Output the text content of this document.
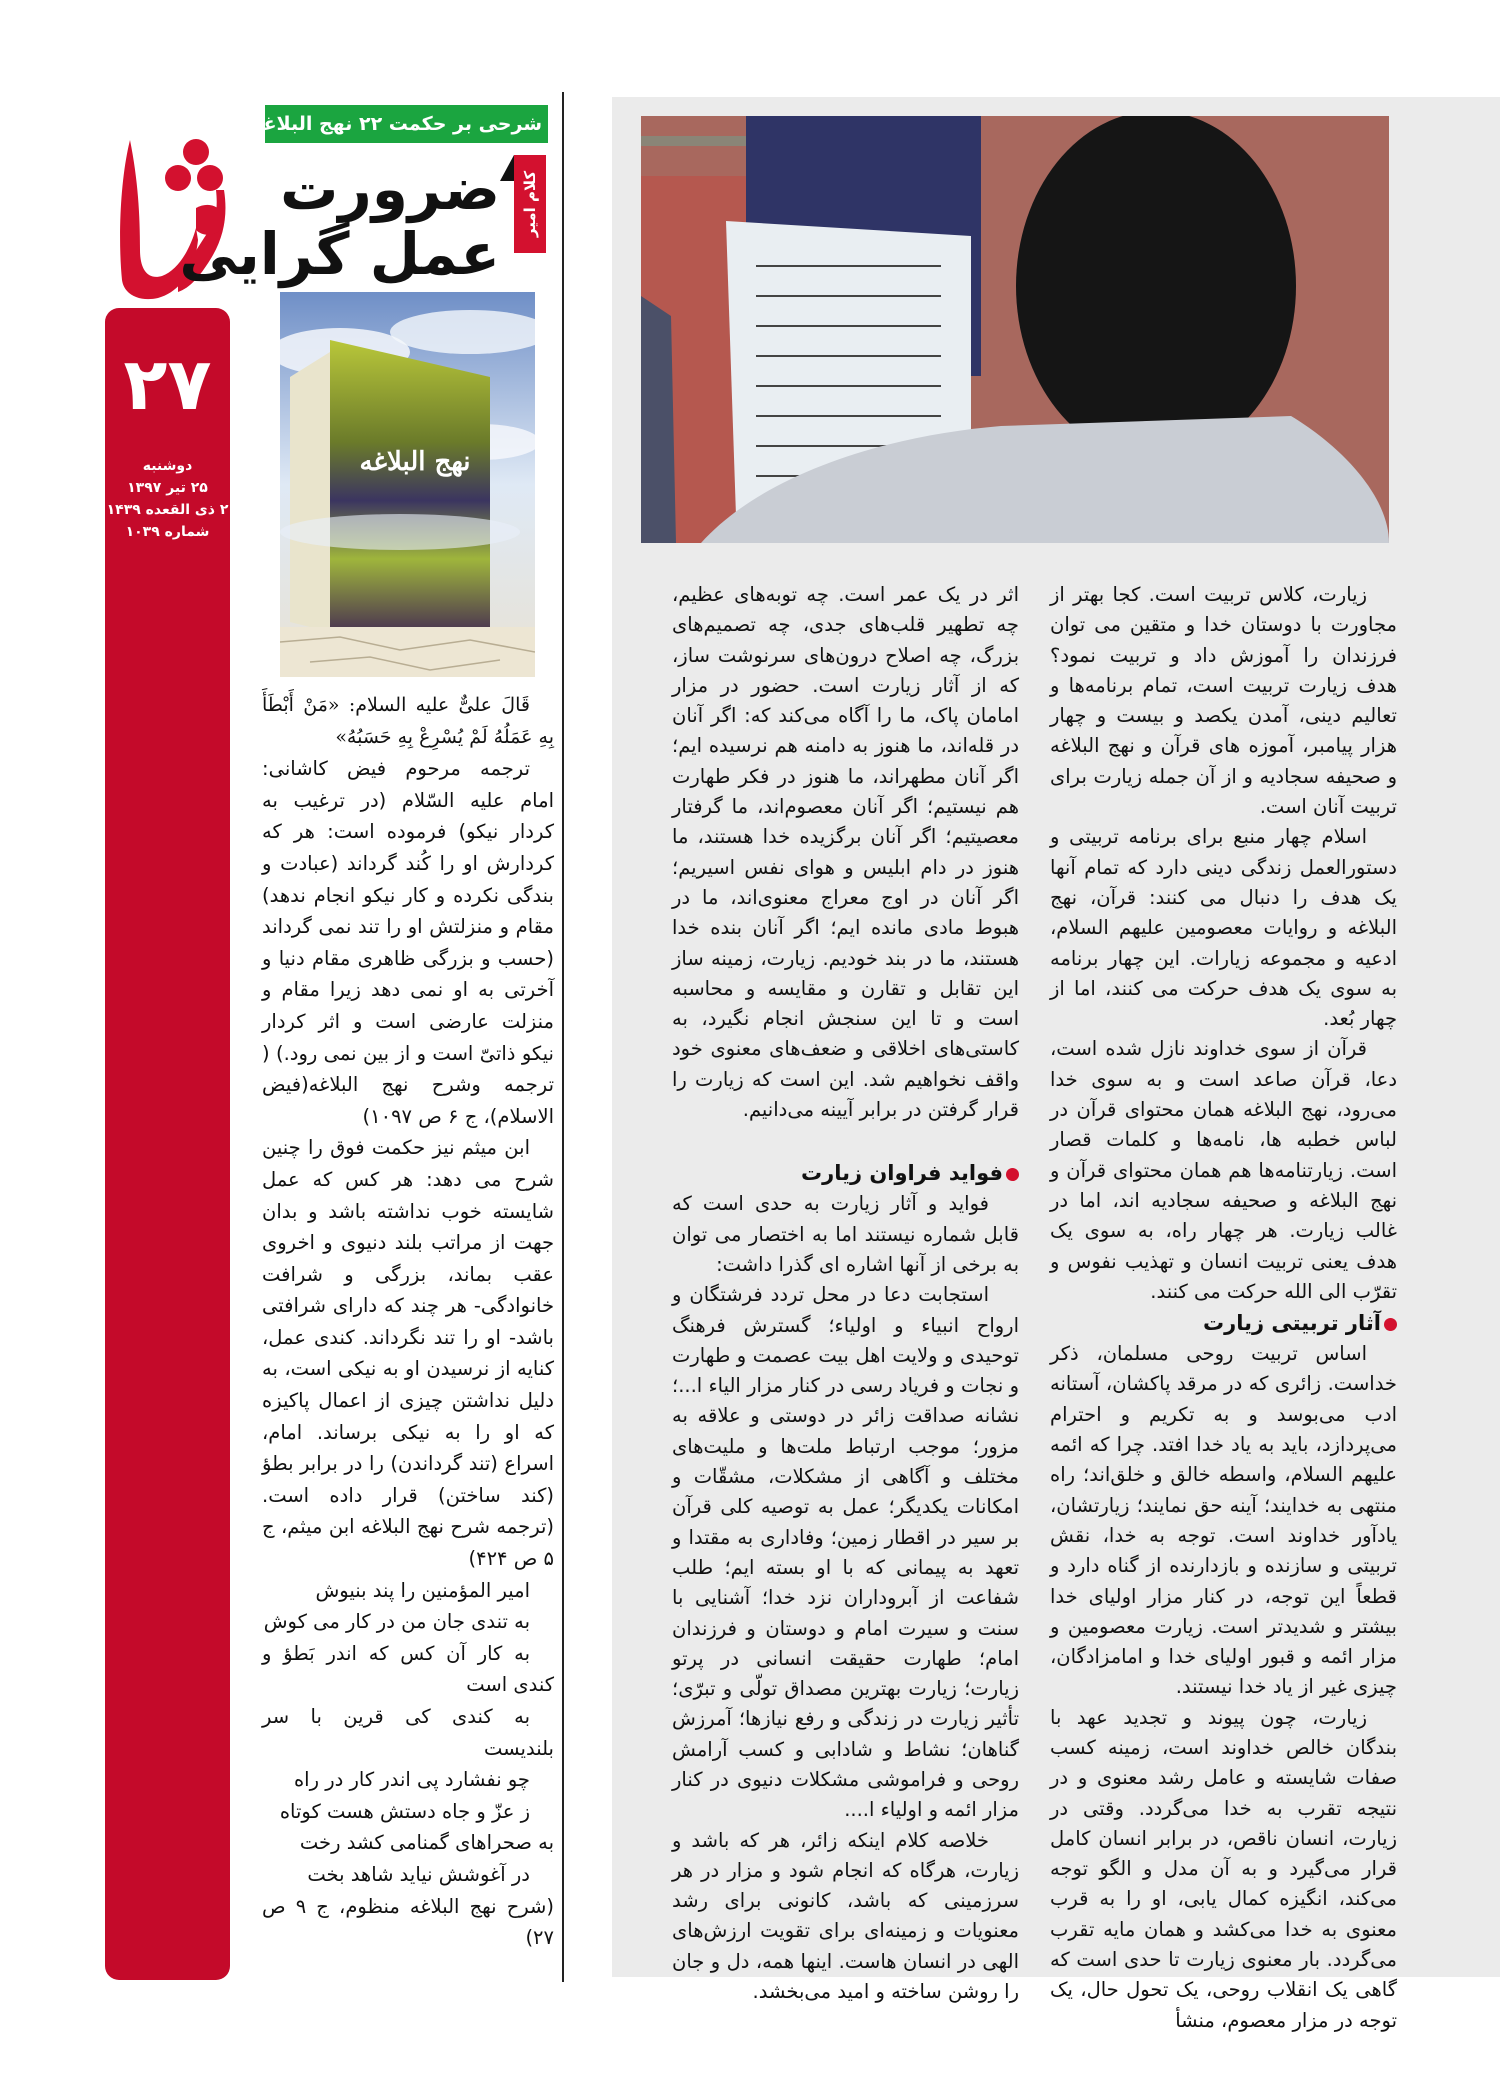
۲۷
دوشنبه
۲۵ تیر ۱۳۹۷
۲ ذی القعده ۱۴۳۹
شماره ۱۰۳۹
شرحی بر حکمت ۲۲ نهج البلاغه
کلام امیر
ضرورت
عمل گرایی
نهج البلاغه

قَالَ علیٌّ علیه السلام: «مَنْ أَبْطَأَ بِهِ عَمَلُهُ لَمْ يُسْرِعْ بِهِ حَسَبُهُ»

ترجمه مرحوم فیض کاشانی: امام علیه السّلام (در ترغیب به کردار نیکو) فرموده است: هر که کردارش او را کُند گرداند (عبادت و بندگی نکرده و کار نیکو انجام ندهد) مقام و منزلتش او را تند نمی گرداند (حسب و بزرگی ظاهری مقام دنیا و آخرتی به او نمی دهد زیرا مقام و منزلت عارضی است و اثر کردار نیکو ذاتیّ است و از بین نمی رود.) ( ترجمه وشرح نهج البلاغه(فیض الاسلام)، ج ۶ ص ۱۰۹۷)

ابن میثم نیز حکمت فوق را چنین شرح می دهد: هر کس که عمل شایسته خوب نداشته باشد و بدان جهت از مراتب بلند دنیوی و اخروی عقب بماند، بزرگی و شرافت خانوادگی- هر چند که دارای شرافتی باشد- او را تند نگرداند. کندی عمل، کنایه از نرسیدن او به نیکی است، به دلیل نداشتن چیزی از اعمال پاکیزه که او را به نیکی برساند. امام، اسراع (تند گرداندن) را در برابر بطؤ (کند ساختن) قرار داده است. (ترجمه شرح نهج البلاغه ابن میثم، ج ۵ ص ۴۲۴)

امیر المؤمنین را پند بنیوش

به تندی جان من در کار می کوش

به کار آن کس که اندر بَطؤ و کندی است

به کندی کی قرین با سر بلندیست

چو نفشارد پی اندر کار در راه

ز عزّ و جاه دستش هست کوتاه

به صحراهای گمنامی کشد رخت

در آغوشش نیاید شاهد بخت

(شرح نهج البلاغه منظوم، ج ۹ ص ۲۷)

اثر در یک عمر است. چه توبه‌های عظیم، چه تطهیر قلب‌های جدی، چه تصمیم‌های بزرگ، چه اصلاح درون‌های سرنوشت ساز، که از آثار زیارت است. حضور در مزار امامان پاک، ما را آگاه می‌کند که: اگر آنان در قله‌اند، ما هنوز به دامنه هم نرسیده ایم؛ اگر آنان مطهراند، ما هنوز در فکر طهارت هم نیستیم؛ اگر آنان معصوم‌اند، ما گرفتار معصیتیم؛ اگر آنان برگزیده خدا هستند، ما هنوز در دام ابلیس و هوای نفس اسیریم؛ اگر آنان در اوج معراج معنوی‌اند، ما در هبوط مادی مانده ایم؛ اگر آنان بنده خدا هستند، ما در بند خودیم. زیارت، زمینه ساز این تقابل و تقارن و مقایسه و محاسبه است و تا این سنجش انجام نگیرد، به کاستی‌های اخلاقی و ضعف‌های معنوی خود واقف نخواهیم شد. این است که زیارت را قرار گرفتن در برابر آیینه می‌دانیم.

فواید فراوان زیارت

فواید و آثار زیارت به حدی است که قابل شماره نیستند اما به اختصار می توان به برخی از آنها اشاره ای گذرا داشت:

استجابت دعا در محل تردد فرشتگان و ارواح انبیاء و اولیاء؛ گسترش فرهنگ توحیدی و ولایت اهل بیت عصمت و طهارت و نجات و فریاد رسی در کنار مزار الیاء ا...؛ نشانه صداقت زائر در دوستی و علاقه به مزور؛ موجب ارتباط ملت‌ها و ملیت‌های مختلف و آگاهی از مشکلات، مشقّات و امکانات یکدیگر؛ عمل به توصیه کلی قرآن بر سیر در اقطار زمین؛ وفاداری به مقتدا و تعهد به پیمانی که با او بسته ایم؛ طلب شفاعت از آبروداران نزد خدا؛ آشنایی با سنت و سیرت امام و دوستان و فرزندان امام؛ طهارت حقیقت انسانی در پرتو زیارت؛ زیارت بهترین مصداق تولّی و تبرّی؛ تأثیر زیارت در زندگی و رفع نیازها؛ آمرزش گناهان؛ نشاط و شادابی و کسب آرامش روحی و فراموشی مشکلات دنیوی در کنار مزار ائمه و اولیاء ا....

خلاصه کلام اینکه زائر، هر که باشد و زیارت، هرگاه که انجام شود و مزار در هر سرزمینی که باشد، کانونی برای رشد معنویات و زمینه‌ای برای تقویت ارزش‌های الهی در انسان هاست. اینها همه، دل و جان را روشن ساخته و امید می‌بخشد.

زیارت، کلاس تربیت است. کجا بهتر از مجاورت با دوستان خدا و متقین می توان فرزندان را آموزش داد و تربیت نمود؟ هدف زیارت تربیت است، تمام برنامه‌ها و تعالیم دینی، آمدن یکصد و بیست و چهار هزار پیامبر، آموزه های قرآن و نهج البلاغه و صحیفه سجادیه و از آن جمله زیارت برای تربیت آنان است.

اسلام چهار منبع برای برنامه تربیتی و دستورالعمل زندگی دینی دارد که تمام آنها یک هدف را دنبال می کنند: قرآن، نهج البلاغه و روایات معصومین علیهم السلام، ادعیه و مجموعه زیارات. این چهار برنامه به سوی یک هدف حرکت می کنند، اما از چهار بُعد.

قرآن از سوی خداوند نازل شده است، دعا، قرآن صاعد است و به سوی خدا می‌رود، نهج البلاغه همان محتوای قرآن در لباس خطبه ها، نامه‌ها و کلمات قصار است. زیارتنامه‌ها هم همان محتوای قرآن و نهج البلاغه و صحیفه سجادیه اند، اما در غالب زیارت. هر چهار راه، به سوی یک هدف یعنی تربیت انسان و تهذیب نفوس و تقرّب الی الله حرکت می کنند.

آثار تربیتی زیارت

اساس تربیت روحی مسلمان، ذکر خداست. زائری که در مرقد پاکشان، آستانه ادب می‌بوسد و به تکریم و احترام می‌پردازد، باید به یاد خدا افتد. چرا که ائمه علیهم السلام، واسطه خالق و خلق‌اند؛ راه منتهی به خدایند؛ آینه حق نمایند؛ زیارتشان، یادآور خداوند است. توجه به خدا، نقش تربیتی و سازنده و بازدارنده از گناه دارد و قطعاً این توجه، در کنار مزار اولیای خدا بیشتر و شدیدتر است. زیارت معصومین و مزار ائمه و قبور اولیای خدا و امامزادگان، چیزی غیر از یاد خدا نیستند.

زیارت، چون پیوند و تجدید عهد با بندگان خالص خداوند است، زمینه کسب صفات شایسته و عامل رشد معنوی و در نتیجه تقرب به خدا می‌گردد. وقتی در زیارت، انسان ناقص، در برابر انسان کامل قرار می‌گیرد و به آن مدل و الگو توجه می‌کند، انگیزه کمال یابی، او را به قرب معنوی به خدا می‌کشد و همان مایه تقرب می‌گردد. بار معنوی زیارت تا حدی است که گاهی یک انقلاب روحی، یک تحول حال، یک توجه در مزار معصوم، منشأ
